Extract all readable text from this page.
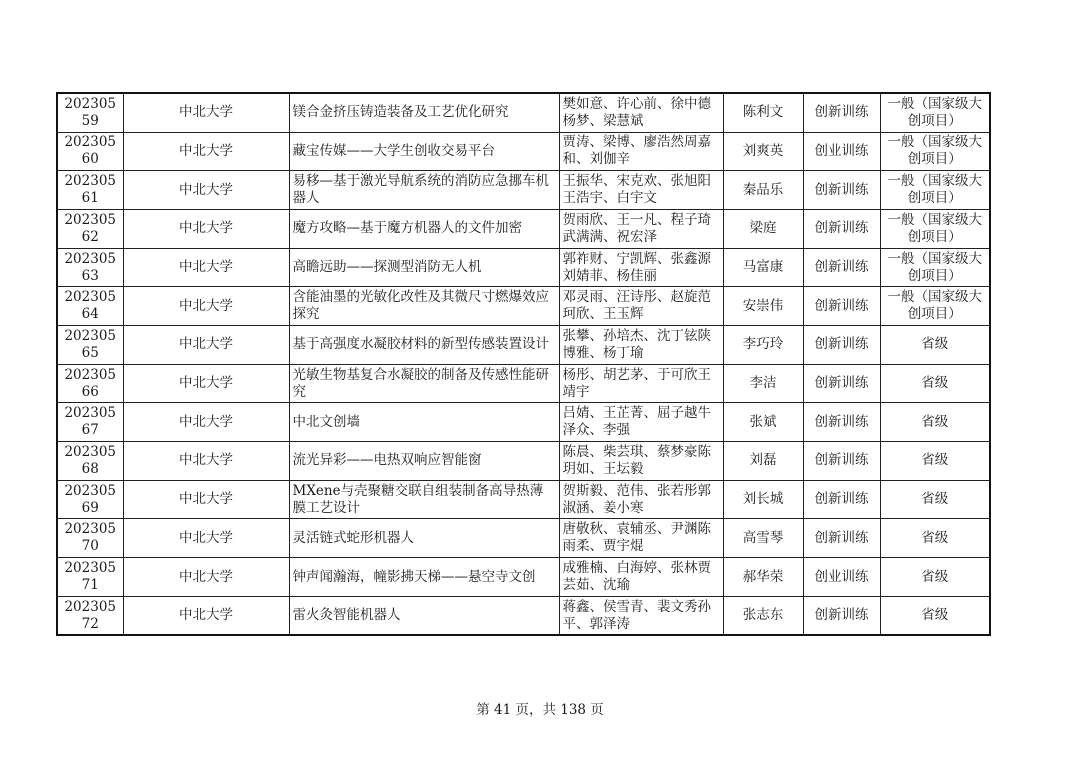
20230559	中北大学	镁合金挤压铸造装备及工艺优化研究	樊如意、许心前、徐中德杨梦、梁慧斌	陈利文	创新训练	一般（国家级大创项目）
20230560	中北大学	藏宝传媒——大学生创收交易平台	贾涛、梁博、廖浩然周嘉和、刘伽辛	刘爽英	创业训练	一般（国家级大创项目）
20230561	中北大学	易移—基于激光导航系统的消防应急挪车机器人	王振华、宋克欢、张旭阳王浩宇、白宇文	秦品乐	创新训练	一般（国家级大创项目）
20230562	中北大学	魔方攻略—基于魔方机器人的文件加密	贺雨欣、王一凡、程子琦武满满、祝宏泽	梁庭	创新训练	一般（国家级大创项目）
20230563	中北大学	高瞻远助——探测型消防无人机	郭祚财、宁凯辉、张鑫源刘婧菲、杨佳丽	马富康	创新训练	一般（国家级大创项目）
20230564	中北大学	含能油墨的光敏化改性及其微尺寸燃爆效应探究	邓灵雨、汪诗彤、赵旋范珂欣、王玉辉	安崇伟	创新训练	一般（国家级大创项目）
20230565	中北大学	基于高强度水凝胶材料的新型传感装置设计	张攀、孙培杰、沈丁铉陕博雅、杨丁瑜	李巧玲	创新训练	省级
20230566	中北大学	光敏生物基复合水凝胶的制备及传感性能研究	杨彤、胡艺茅、于可欣王靖宇	李洁	创新训练	省级
20230567	中北大学	中北文创墙	吕婧、王芷菁、屈子越牛泽众、李强	张斌	创新训练	省级
20230568	中北大学	流光异彩——电热双响应智能窗	陈晨、柴芸琪、蔡梦豪陈玥如、王坛毅	刘磊	创新训练	省级
20230569	中北大学	MXene与壳聚糖交联自组装制备高导热薄膜工艺设计	贺斯毅、范伟、张若彤郭淑涵、姜小寒	刘长城	创新训练	省级
20230570	中北大学	灵活链式蛇形机器人	唐敬秋、袁辅丞、尹渊陈雨柔、贾宇焜	高雪琴	创新训练	省级
20230571	中北大学	钟声闻瀚海，幢影拂天梯——悬空寺文创	成雅楠、白海婷、张林贾芸茹、沈瑜	郝华荣	创业训练	省级
20230572	中北大学	雷火灸智能机器人	蒋鑫、侯雪青、裴文秀孙平、郭泽涛	张志东	创新训练	省级
第 41 页，共 138 页
